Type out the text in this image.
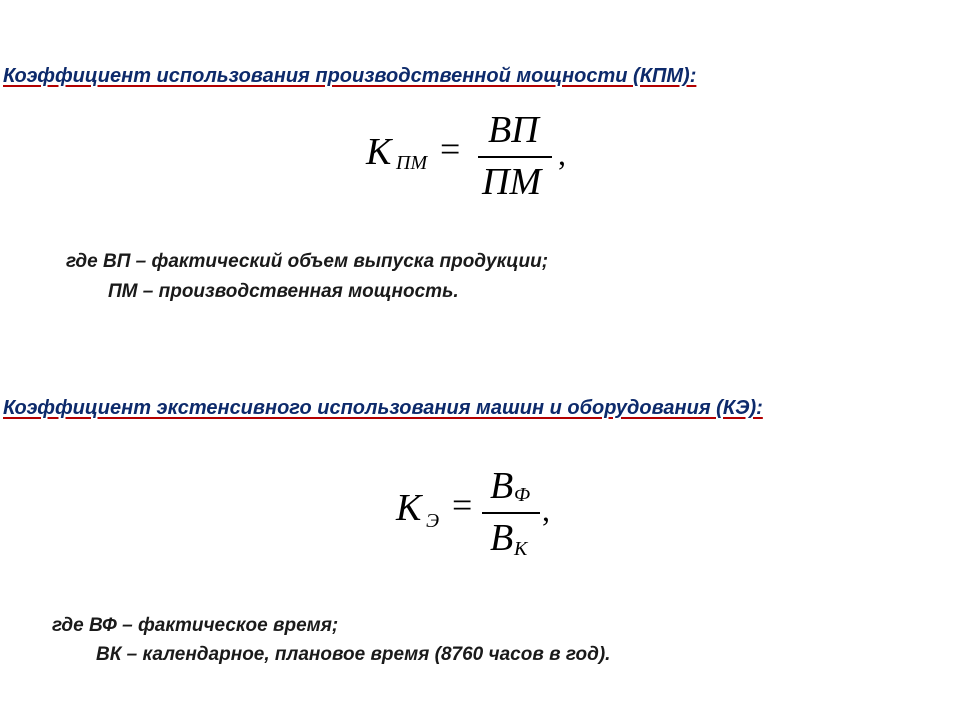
Коэффициент использования производственной мощности (КПМ):
К ПМ = ВП
ПМ
,

где ВП – фактический объем выпуска продукции;

ПМ – производственная мощность.

Коэффициент экстенсивного использования машин и оборудования (КЭ):
К Э = В Ф
В К
,

где ВФ – фактическое время;

ВК – календарное, плановое время (8760 часов в год).
